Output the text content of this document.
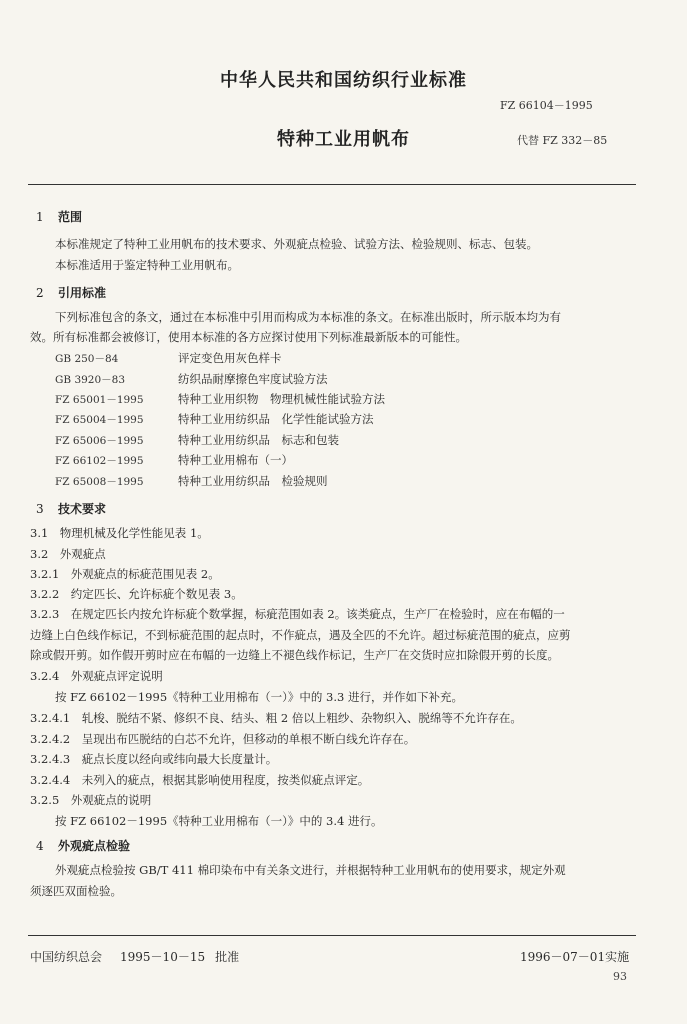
中华人民共和国纺织行业标准
FZ 66104－1995
特种工业用帆布	代替 FZ 332－85
1 范围
本标准规定了特种工业用帆布的技术要求、外观疵点检验、试验方法、检验规则、标志、包装。
本标准适用于鉴定特种工业用帆布。
2 引用标准
下列标准包含的条文，通过在本标准中引用而构成为本标准的条文。在标准出版时，所示版本均为有
效。所有标准都会被修订，使用本标准的各方应探讨使用下列标准最新版本的可能性。
GB 250－84	评定变色用灰色样卡
GB 3920－83	纺织品耐摩擦色牢度试验方法
FZ 65001－1995	特种工业用织物　物理机械性能试验方法
FZ 65004－1995	特种工业用纺织品　化学性能试验方法
FZ 65006－1995	特种工业用纺织品　标志和包装
FZ 66102－1995	特种工业用棉布（一）
FZ 65008－1995	特种工业用纺织品　检验规则
3 技术要求
3.1　物理机械及化学性能见表 1。
3.2　外观疵点
3.2.1　外观疵点的标疵范围见表 2。
3.2.2　约定匹长、允许标疵个数见表 3。
3.2.3　在规定匹长内按允许标疵个数掌握，标疵范围如表 2。该类疵点，生产厂在检验时，应在布幅的一
边缝上白色线作标记，不到标疵范围的起点时，不作疵点，遇及全匹的不允许。超过标疵范围的疵点，应剪
除或假开剪。如作假开剪时应在布幅的一边缝上不褪色线作标记，生产厂在交货时应扣除假开剪的长度。
3.2.4　外观疵点评定说明
按 FZ 66102－1995《特种工业用棉布（一）》中的 3.3 进行，并作如下补充。
3.2.4.1　轧梭、脱结不紧、修织不良、结头、粗 2 倍以上粗纱、杂物织入、脱绵等不允许存在。
3.2.4.2　呈现出布匹脱结的白芯不允许，但移动的单根不断白线允许存在。
3.2.4.3　疵点长度以经向或纬向最大长度量计。
3.2.4.4　未列入的疵点，根据其影响使用程度，按类似疵点评定。
3.2.5　外观疵点的说明
按 FZ 66102－1995《特种工业用棉布（一）》中的 3.4 进行。
4 外观疵点检验
外观疵点检验按 GB/T 411 棉印染布中有关条文进行，并根据特种工业用帆布的使用要求，规定外观
须逐匹双面检验。
中国纺织总会 1995－10－15 批准	1996－07－01实施
93
